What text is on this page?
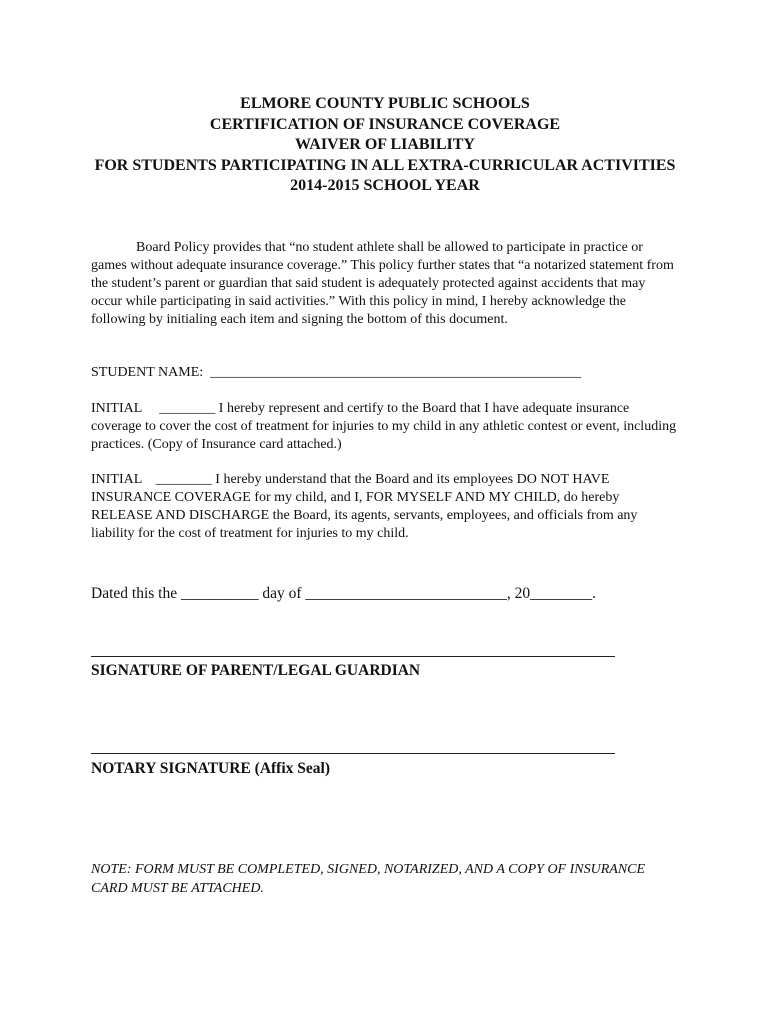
ELMORE COUNTY PUBLIC SCHOOLS
CERTIFICATION OF INSURANCE COVERAGE
WAIVER OF LIABILITY
FOR STUDENTS PARTICIPATING IN ALL EXTRA-CURRICULAR ACTIVITIES
2014-2015 SCHOOL YEAR
Board Policy provides that “no student athlete shall be allowed to participate in practice or games without adequate insurance coverage.” This policy further states that “a notarized statement from the student’s parent or guardian that said student is adequately protected against accidents that may occur while participating in said activities.” With this policy in mind, I hereby acknowledge the following by initialing each item and signing the bottom of this document.
STUDENT NAME: _____________________________________________________
INITIAL ________ I hereby represent and certify to the Board that I have adequate insurance coverage to cover the cost of treatment for injuries to my child in any athletic contest or event, including practices. (Copy of Insurance card attached.)
INITIAL ________ I hereby understand that the Board and its employees DO NOT HAVE INSURANCE COVERAGE for my child, and I, FOR MYSELF AND MY CHILD, do hereby RELEASE AND DISCHARGE the Board, its agents, servants, employees, and officials from any liability for the cost of treatment for injuries to my child.
Dated this the __________ day of __________________________, 20________.
SIGNATURE OF PARENT/LEGAL GUARDIAN
NOTARY SIGNATURE (Affix Seal)
NOTE: FORM MUST BE COMPLETED, SIGNED, NOTARIZED, AND A COPY OF INSURANCE CARD MUST BE ATTACHED.
